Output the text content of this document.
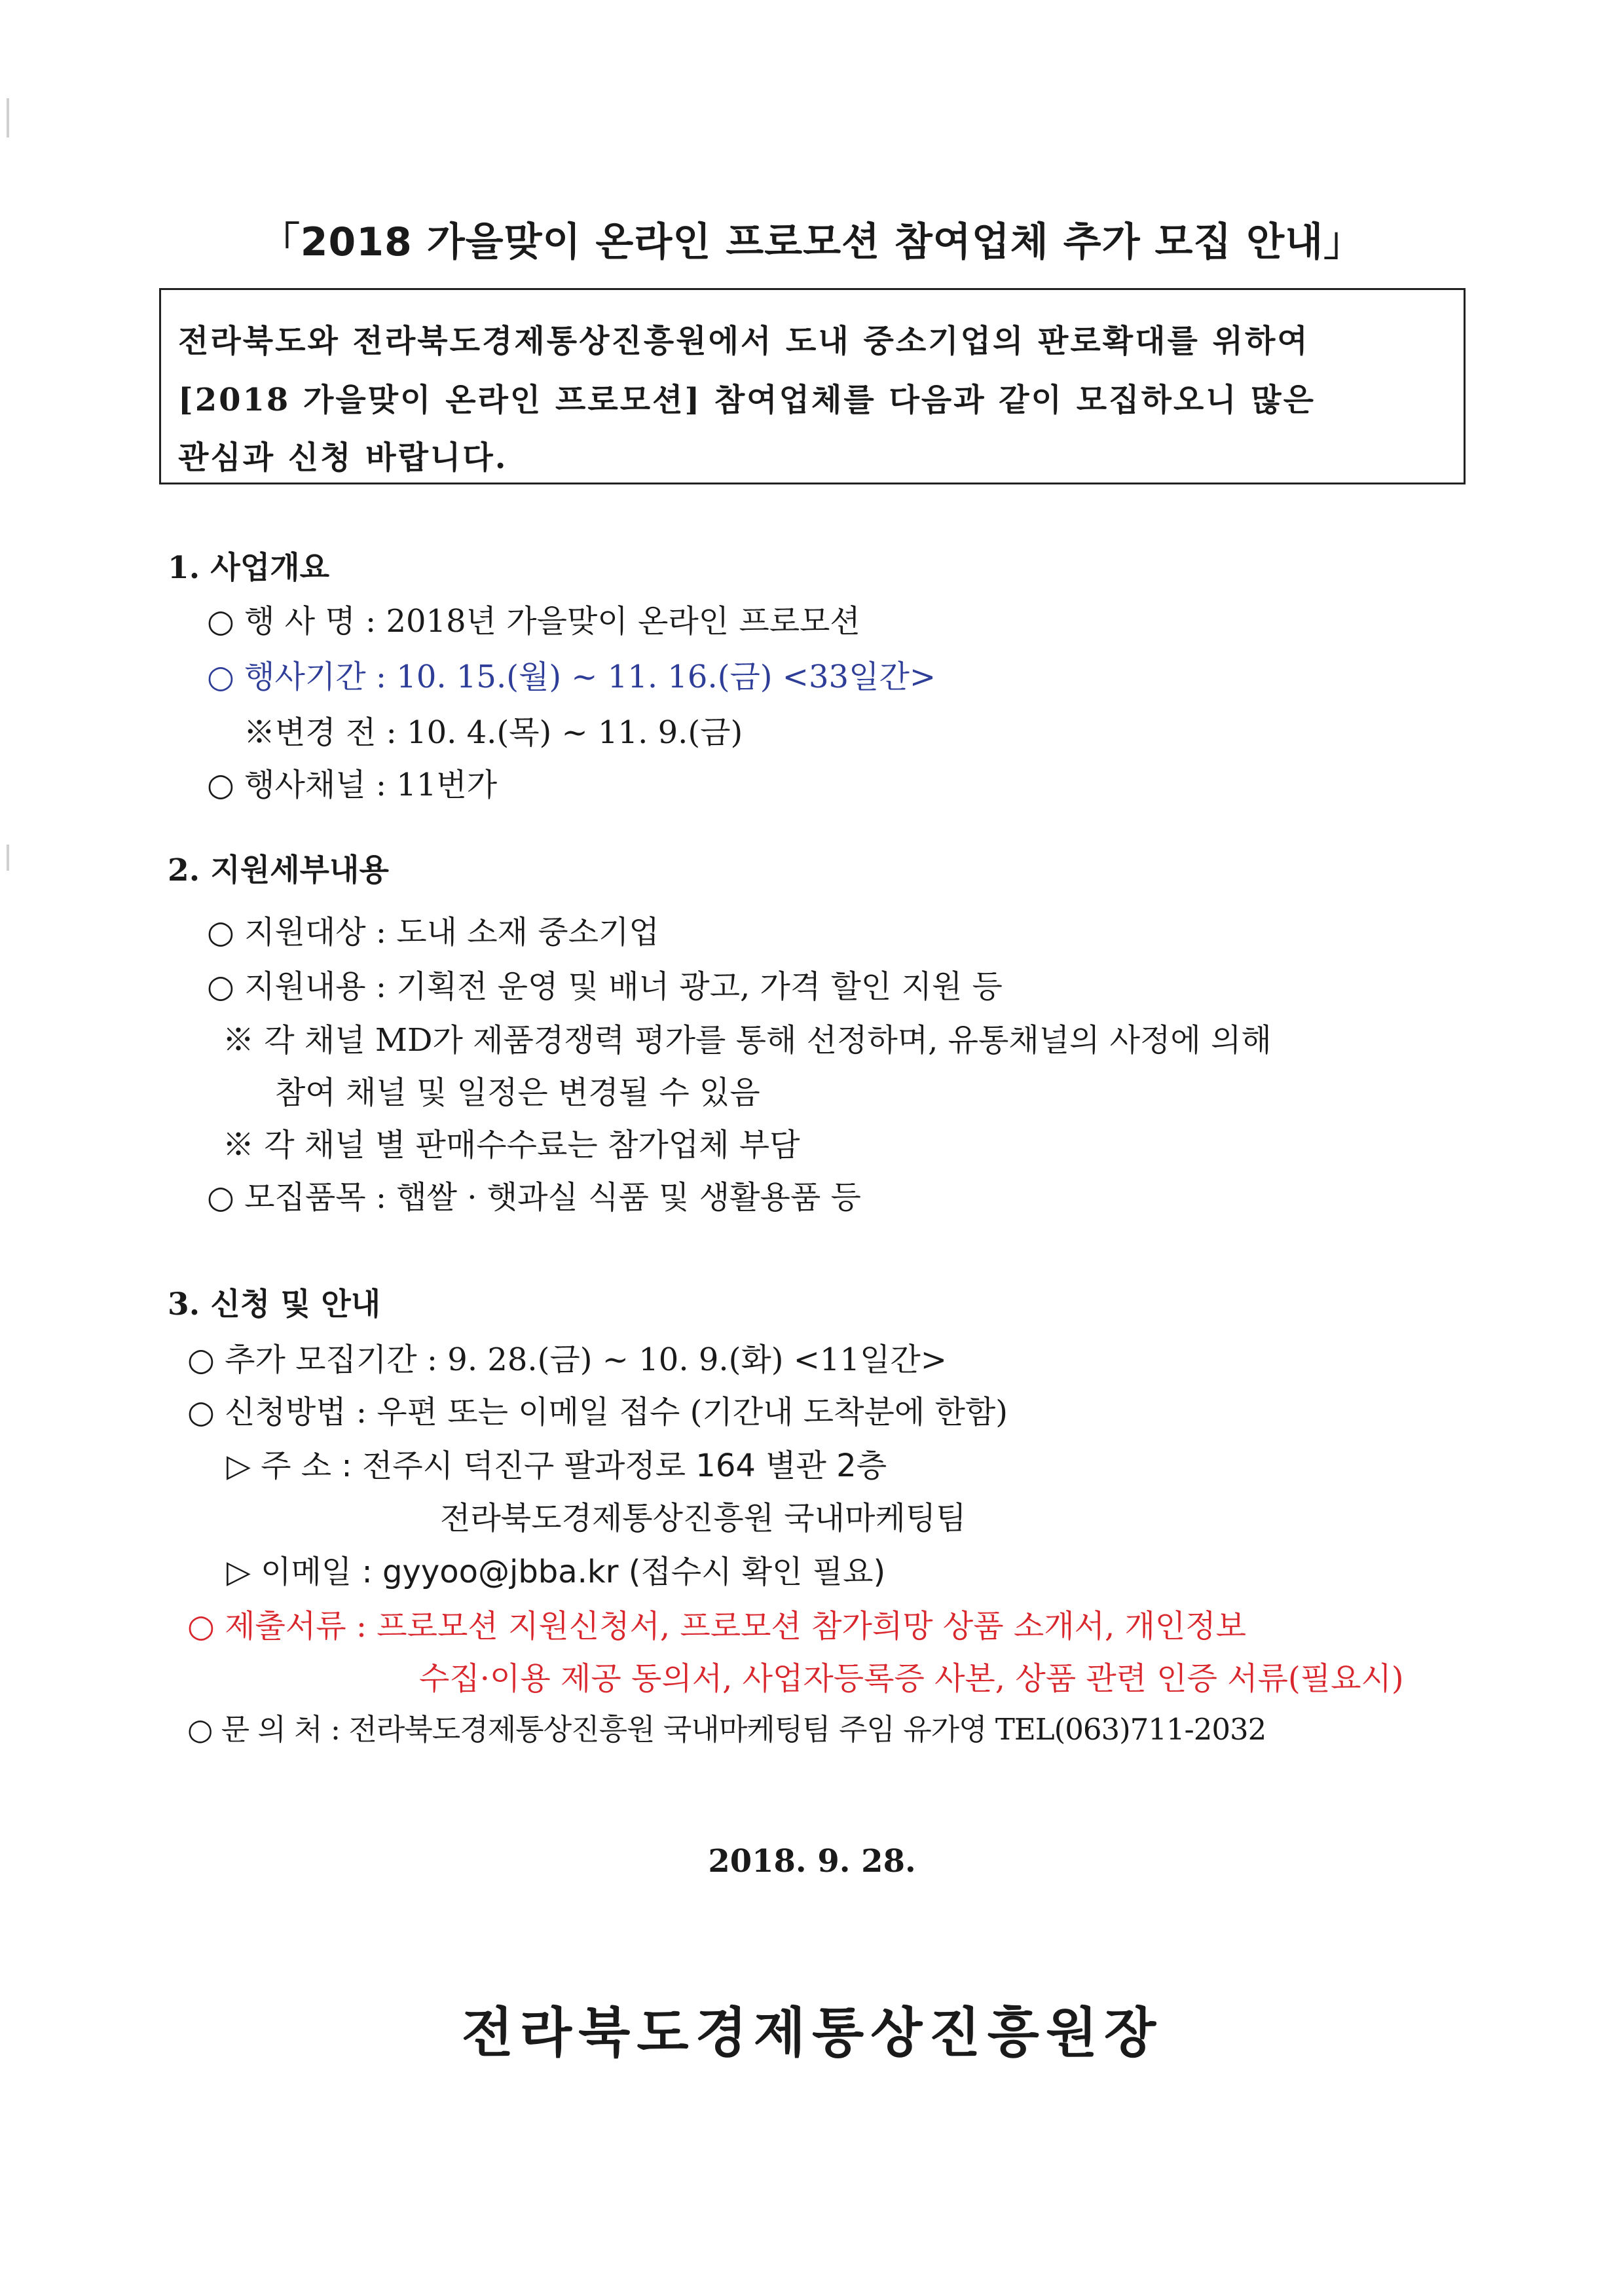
「2018 가을맞이 온라인 프로모션 참여업체 추가 모집 안내」
전라북도와 전라북도경제통상진흥원에서 도내 중소기업의 판로확대를 위하여
[2018 가을맞이 온라인 프로모션] 참여업체를 다음과 같이 모집하오니 많은
관심과 신청 바랍니다.
1. 사업개요
○ 행 사 명 : 2018년 가을맞이 온라인 프로모션
○ 행사기간 : 10. 15.(월) ~ 11. 16.(금) <33일간>
※변경 전 : 10. 4.(목) ~ 11. 9.(금)
○ 행사채널 : 11번가
2. 지원세부내용
○ 지원대상 : 도내 소재 중소기업
○ 지원내용 : 기획전 운영 및 배너 광고, 가격 할인 지원 등
※ 각 채널 MD가 제품경쟁력 평가를 통해 선정하며, 유통채널의 사정에 의해
참여 채널 및 일정은 변경될 수 있음
※ 각 채널 별 판매수수료는 참가업체 부담
○ 모집품목 : 햅쌀 · 햇과실 식품 및 생활용품 등
3. 신청 및 안내
○ 추가 모집기간 : 9. 28.(금) ~ 10. 9.(화) <11일간>
○ 신청방법 : 우편 또는 이메일 접수 (기간내 도착분에 한함)
▷ 주 소 : 전주시 덕진구 팔과정로 164 별관 2층
전라북도경제통상진흥원 국내마케팅팀
▷ 이메일 : gyyoo@jbba.kr (접수시 확인 필요)
○ 제출서류 : 프로모션 지원신청서, 프로모션 참가희망 상품 소개서, 개인정보
수집·이용 제공 동의서, 사업자등록증 사본, 상품 관련 인증 서류(필요시)
○ 문 의 처 : 전라북도경제통상진흥원 국내마케팅팀 주임 유가영 TEL(063)711-2032
2018. 9. 28.
전라북도경제통상진흥원장
